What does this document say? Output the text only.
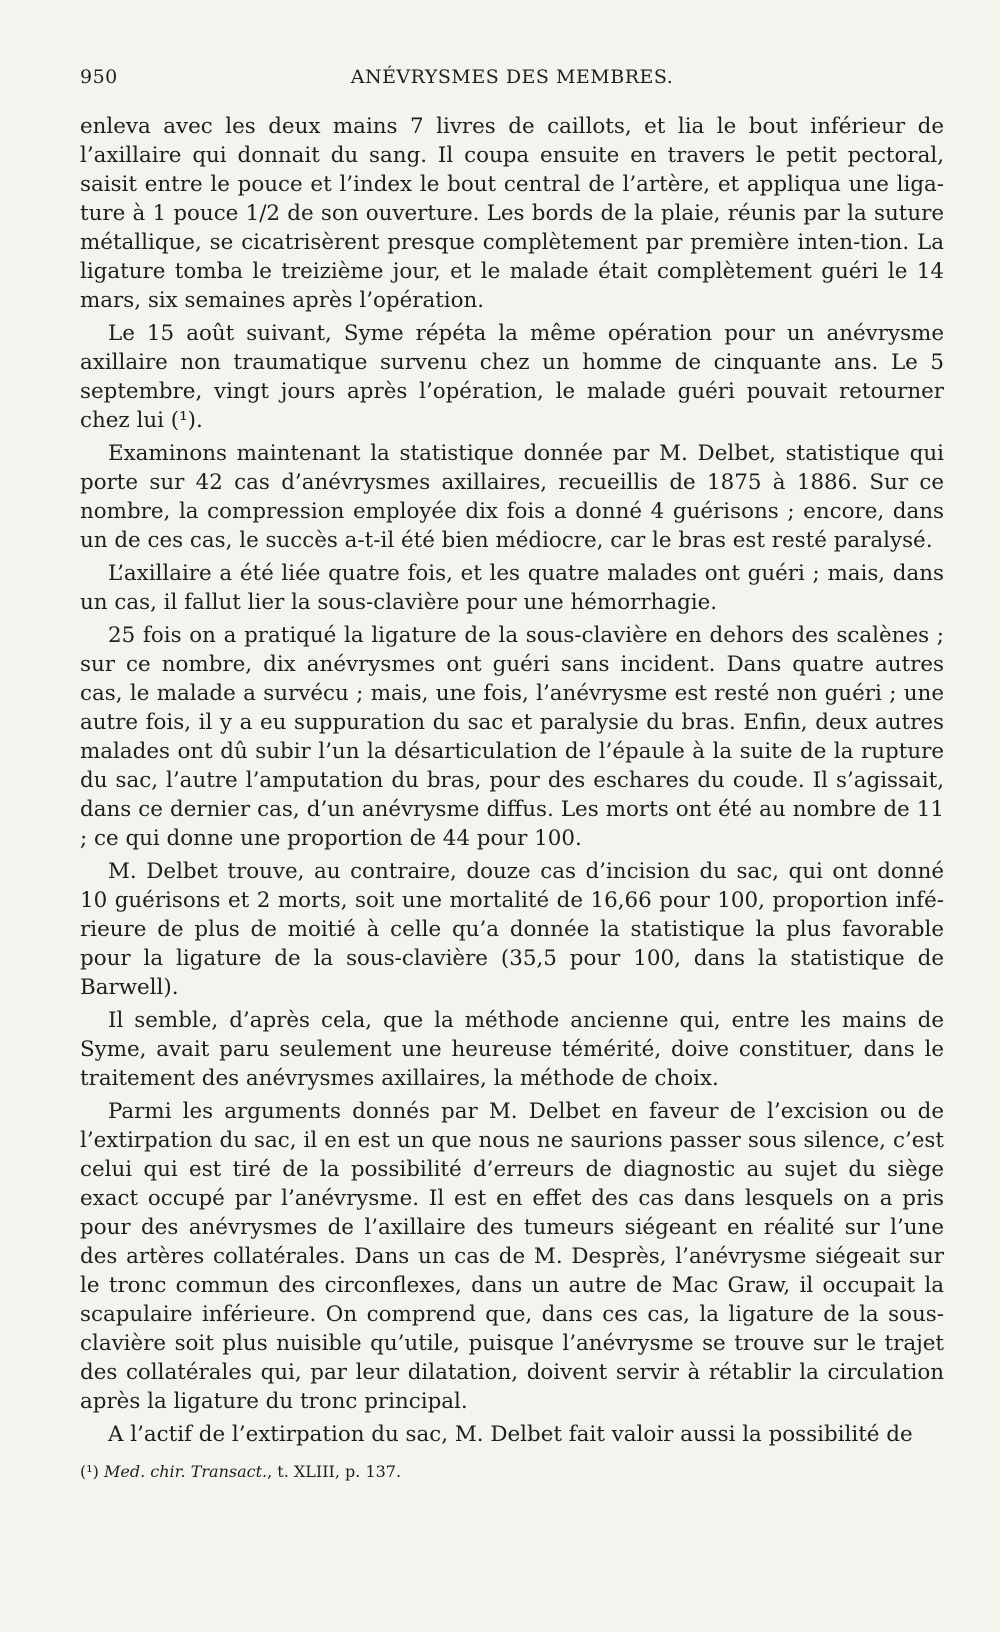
950	ANÉVRYSMES DES MEMBRES.

enleva avec les deux mains 7 livres de caillots, et lia le bout inférieur de l’axillaire qui donnait du sang. Il coupa ensuite en travers le petit pectoral, saisit entre le pouce et l’index le bout central de l’artère, et appliqua une liga-ture à 1 pouce 1/2 de son ouverture. Les bords de la plaie, réunis par la suture métallique, se cicatrisèrent presque complètement par première inten-tion. La ligature tomba le treizième jour, et le malade était complètement guéri le 14 mars, six semaines après l’opération.

Le 15 août suivant, Syme répéta la même opération pour un anévrysme axillaire non traumatique survenu chez un homme de cinquante ans. Le 5 septembre, vingt jours après l’opération, le malade guéri pouvait retourner chez lui (¹).

Examinons maintenant la statistique donnée par M. Delbet, statistique qui porte sur 42 cas d’anévrysmes axillaires, recueillis de 1875 à 1886. Sur ce nombre, la compression employée dix fois a donné 4 guérisons ; encore, dans un de ces cas, le succès a-t-il été bien médiocre, car le bras est resté paralysé.

L’axillaire a été liée quatre fois, et les quatre malades ont guéri ; mais, dans un cas, il fallut lier la sous-clavière pour une hémorrhagie.

25 fois on a pratiqué la ligature de la sous-clavière en dehors des scalènes ; sur ce nombre, dix anévrysmes ont guéri sans incident. Dans quatre autres cas, le malade a survécu ; mais, une fois, l’anévrysme est resté non guéri ; une autre fois, il y a eu suppuration du sac et paralysie du bras. Enfin, deux autres malades ont dû subir l’un la désarticulation de l’épaule à la suite de la rupture du sac, l’autre l’amputation du bras, pour des eschares du coude. Il s’agissait, dans ce dernier cas, d’un anévrysme diffus. Les morts ont été au nombre de 11 ; ce qui donne une proportion de 44 pour 100.

M. Delbet trouve, au contraire, douze cas d’incision du sac, qui ont donné 10 guérisons et 2 morts, soit une mortalité de 16,66 pour 100, proportion infé-rieure de plus de moitié à celle qu’a donnée la statistique la plus favorable pour la ligature de la sous-clavière (35,5 pour 100, dans la statistique de Barwell).

Il semble, d’après cela, que la méthode ancienne qui, entre les mains de Syme, avait paru seulement une heureuse témérité, doive constituer, dans le traitement des anévrysmes axillaires, la méthode de choix.

Parmi les arguments donnés par M. Delbet en faveur de l’excision ou de l’extirpation du sac, il en est un que nous ne saurions passer sous silence, c’est celui qui est tiré de la possibilité d’erreurs de diagnostic au sujet du siège exact occupé par l’anévrysme. Il est en effet des cas dans lesquels on a pris pour des anévrysmes de l’axillaire des tumeurs siégeant en réalité sur l’une des artères collatérales. Dans un cas de M. Desprès, l’anévrysme siégeait sur le tronc commun des circonflexes, dans un autre de Mac Graw, il occupait la scapulaire inférieure. On comprend que, dans ces cas, la ligature de la sous-clavière soit plus nuisible qu’utile, puisque l’anévrysme se trouve sur le trajet des collatérales qui, par leur dilatation, doivent servir à rétablir la circulation après la ligature du tronc principal.

A l’actif de l’extirpation du sac, M. Delbet fait valoir aussi la possibilité de

(¹) Med. chir. Transact., t. XLIII, p. 137.
